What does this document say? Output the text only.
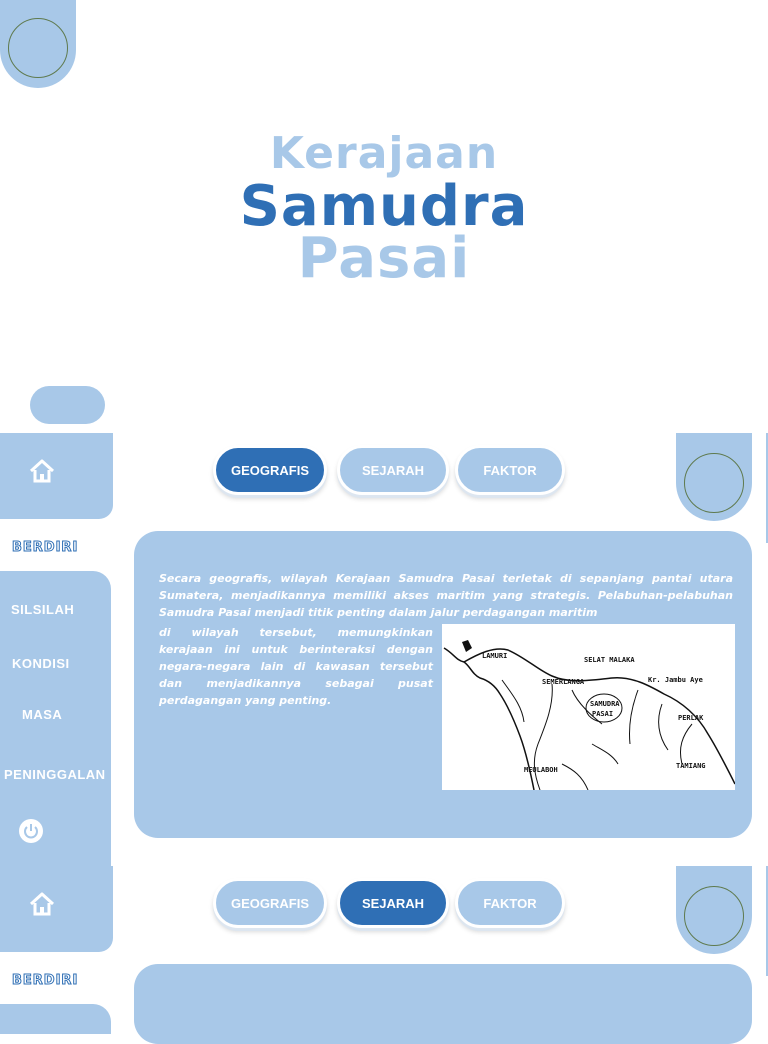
Kerajaan
Samudra
Pasai
BERDIRI
SILSILAH
KONDISI
MASA
PENINGGALAN
GEOGRAFIS	SEJARAH	FAKTOR
Secara geografis, wilayah Kerajaan Samudra Pasai terletak di sepanjang pantai utara Sumatera, menjadikannya memiliki akses maritim yang strategis. Pelabuhan-pelabuhan Samudra Pasai menjadi titik penting dalam jalur perdagangan maritim
di wilayah tersebut, memungkinkan kerajaan ini untuk berinteraksi dengan negara-negara lain di kawasan tersebut dan menjadikannya sebagai pusat perdagangan yang penting.
LAMURI	SELAT MALAKA
SEMERLANGA	Kr. Jambu Aye
SAMUDRA
PASAI	PERLAK
MEULABOH	TAMIANG
BERDIRI
GEOGRAFIS	SEJARAH	FAKTOR
